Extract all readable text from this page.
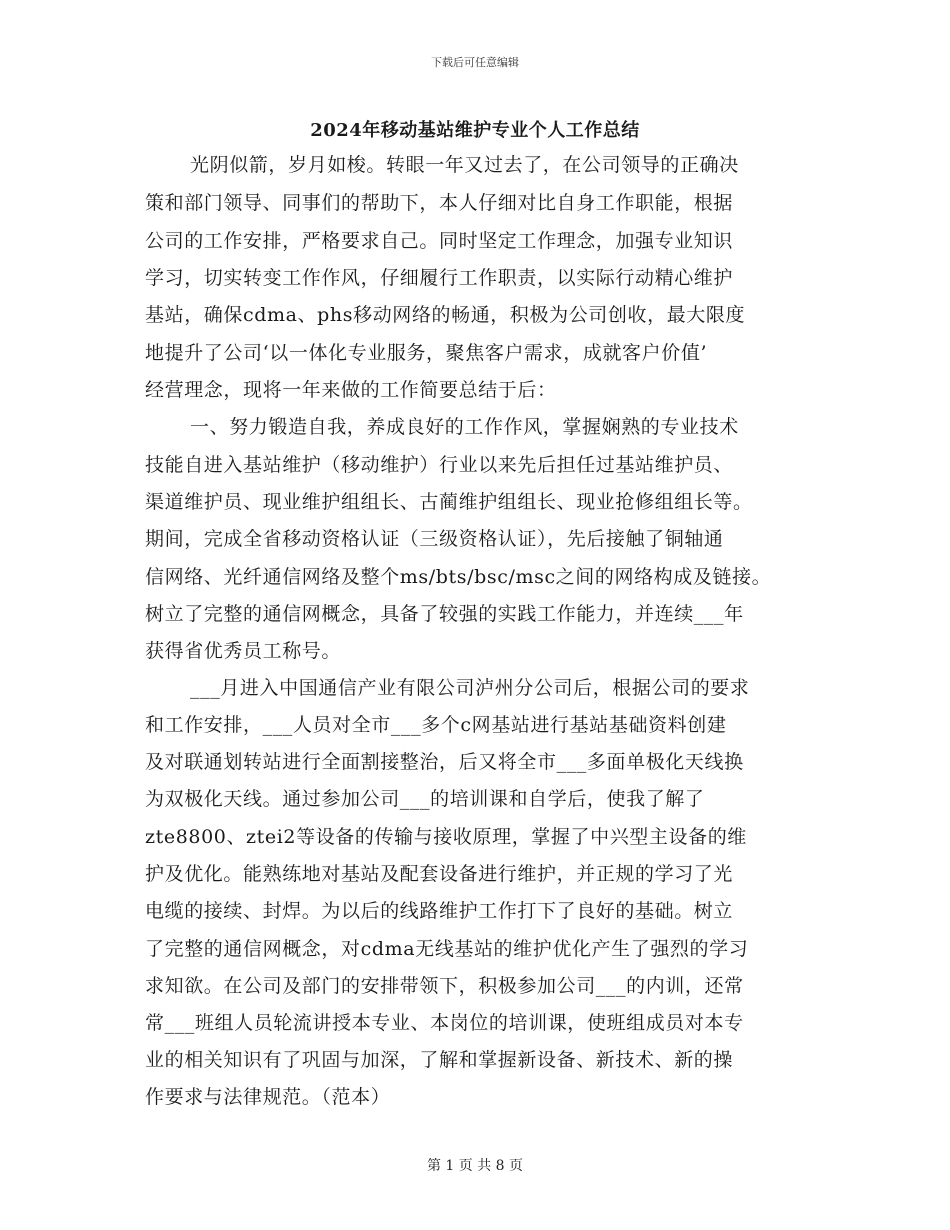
下载后可任意编辑
2024年移动基站维护专业个人工作总结
光阴似箭，岁月如梭。转眼一年又过去了，在公司领导的正确决
策和部门领导、同事们的帮助下，本人仔细对比自身工作职能，根据
公司的工作安排，严格要求自己。同时坚定工作理念，加强专业知识
学习，切实转变工作作风，仔细履行工作职责，以实际行动精心维护
基站，确保cdma、phs移动网络的畅通，积极为公司创收，最大限度
地提升了公司‘以一体化专业服务，聚焦客户需求，成就客户价值’
经营理念，现将一年来做的工作简要总结于后：
一、努力锻造自我，养成良好的工作作风，掌握娴熟的专业技术
技能自进入基站维护（移动维护）行业以来先后担任过基站维护员、
渠道维护员、现业维护组组长、古蔺维护组组长、现业抢修组组长等。
期间，完成全省移动资格认证（三级资格认证），先后接触了铜轴通
信网络、光纤通信网络及整个ms/bts/bsc/msc之间的网络构成及链接。
树立了完整的通信网概念，具备了较强的实践工作能力，并连续___年
获得省优秀员工称号。
___月进入中国通信产业有限公司泸州分公司后，根据公司的要求
和工作安排，___人员对全市___多个c网基站进行基站基础资料创建
及对联通划转站进行全面割接整治，后又将全市___多面单极化天线换
为双极化天线。通过参加公司___的培训课和自学后，使我了解了
zte8800、ztei2等设备的传输与接收原理，掌握了中兴型主设备的维
护及优化。能熟练地对基站及配套设备进行维护，并正规的学习了光
电缆的接续、封焊。为以后的线路维护工作打下了良好的基础。树立
了完整的通信网概念，对cdma无线基站的维护优化产生了强烈的学习
求知欲。在公司及部门的安排带领下，积极参加公司___的内训，还常
常___班组人员轮流讲授本专业、本岗位的培训课，使班组成员对本专
业的相关知识有了巩固与加深，了解和掌握新设备、新技术、新的操
作要求与法律规范。（范本）
第 1 页 共 8 页
